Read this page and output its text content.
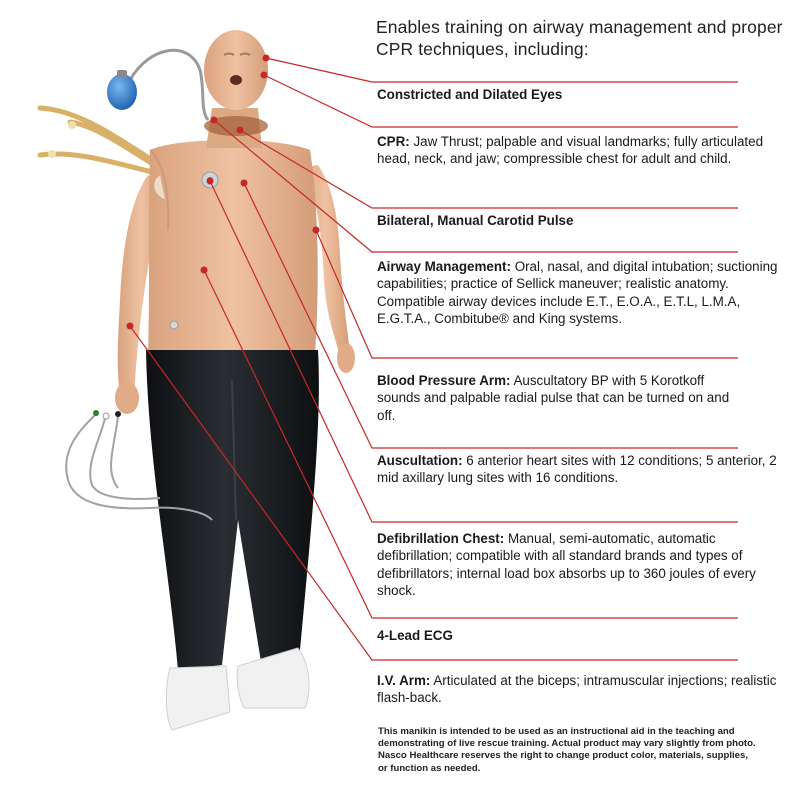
Enables training on airway management and proper CPR techniques, including:
Constricted and Dilated Eyes
CPR: Jaw Thrust; palpable and visual landmarks; fully articulated head, neck, and jaw; compressible chest for adult and child.
Bilateral, Manual Carotid Pulse
Airway Management: Oral, nasal, and digital intubation; suctioning capabilities; practice of Sellick maneuver; realistic anatomy. Compatible airway devices include E.T., E.O.A., E.T.L, L.M.A, E.G.T.A., Combitube® and King systems.
Blood Pressure Arm: Auscultatory BP with 5 Korotkoff sounds and palpable radial pulse that can be turned on and off.
Auscultation: 6 anterior heart sites with 12 conditions; 5 anterior, 2 mid axillary lung sites with 16 conditions.
Defibrillation Chest: Manual, semi-automatic, automatic defibrillation; compatible with all standard brands and types of defibrillators; internal load box absorbs up to 360 joules of every shock.
4-Lead ECG
I.V. Arm: Articulated at the biceps; intramuscular injections; realistic flash-back.
This manikin is intended to be used as an instructional aid in the teaching and demonstrating of live rescue training. Actual product may vary slightly from photo. Nasco Healthcare reserves the right to change product color, materials, supplies, or function as needed.
